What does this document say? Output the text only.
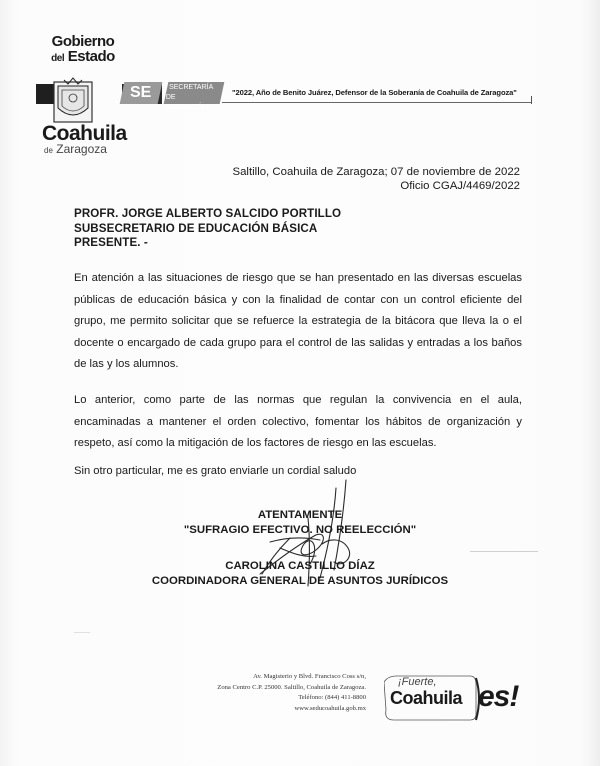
Gobierno
del Estado
SE	SECRETARÍA
DE EDUCACIÓN
Coahuila
de Zaragoza
"2022, Año de Benito Juárez, Defensor de la Soberanía de Coahuila de Zaragoza"
Saltillo, Coahuila de Zaragoza; 07 de noviembre de 2022
Oficio CGAJ/4469/2022
PROFR. JORGE ALBERTO SALCIDO PORTILLO
SUBSECRETARIO DE EDUCACIÓN BÁSICA
PRESENTE. -
En atención a las situaciones de riesgo que se han presentado en las diversas escuelas públicas de educación básica y con la finalidad de contar con un control eficiente del grupo, me permito solicitar que se refuerce la estrategia de la bitácora que lleva la o el docente o encargado de cada grupo para el control de las salidas y entradas a los baños de las y los alumnos.
Lo anterior, como parte de las normas que regulan la convivencia en el aula, encaminadas a mantener el orden colectivo, fomentar los hábitos de organización y respeto, así como la mitigación de los factores de riesgo en las escuelas.
Sin otro particular, me es grato enviarle un cordial saludo
ATENTAMENTE
"SUFRAGIO EFECTIVO. NO REELECCIÓN"
CAROLINA CASTILLO DÍAZ
COORDINADORA GENERAL DE ASUNTOS JURÍDICOS
Av. Magisterio y Blvd. Francisco Coss s/n,
Zona Centro C.P. 25000. Saltillo, Coahuila de Zaragoza.
Teléfono: (844) 411-8800
www.seducoahuila.gob.mx
¡Fuerte,
Coahuila es!
